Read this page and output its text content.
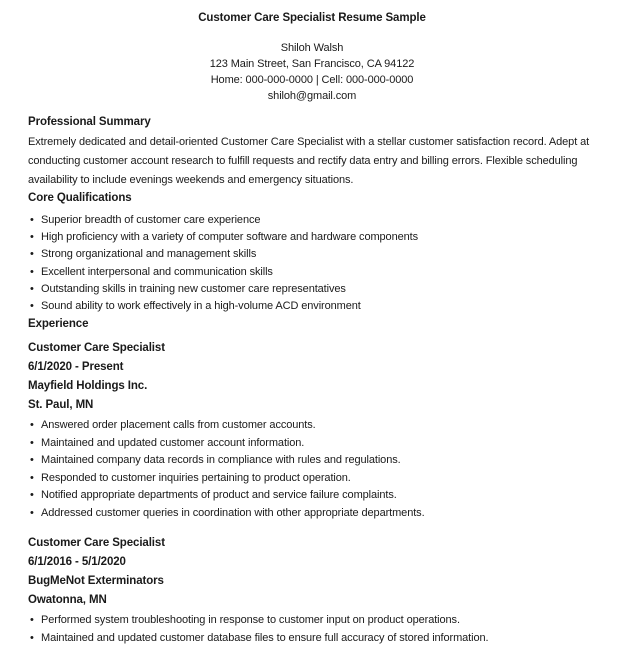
Customer Care Specialist Resume Sample
Shiloh Walsh
123 Main Street, San Francisco, CA 94122
Home: 000-000-0000 | Cell: 000-000-0000
shiloh@gmail.com
Professional Summary

Extremely dedicated and detail-oriented Customer Care Specialist with a stellar customer satisfaction record. Adept at conducting customer account research to fulfill requests and rectify data entry and billing errors. Flexible scheduling availability to include evenings weekends and emergency situations.

Core Qualifications
• Superior breadth of customer care experience
• High proficiency with a variety of computer software and hardware components
• Strong organizational and management skills
• Excellent interpersonal and communication skills
• Outstanding skills in training new customer care representatives
• Sound ability to work effectively in a high-volume ACD environment
Experience
Customer Care Specialist
6/1/2020 - Present
Mayfield Holdings Inc.
St. Paul, MN
• Answered order placement calls from customer accounts.
• Maintained and updated customer account information.
• Maintained company data records in compliance with rules and regulations.
• Responded to customer inquiries pertaining to product operation.
• Notified appropriate departments of product and service failure complaints.
• Addressed customer queries in coordination with other appropriate departments.
Customer Care Specialist
6/1/2016 - 5/1/2020
BugMeNot Exterminators
Owatonna, MN
• Performed system troubleshooting in response to customer input on product operations.
• Maintained and updated customer database files to ensure full accuracy of stored information.
